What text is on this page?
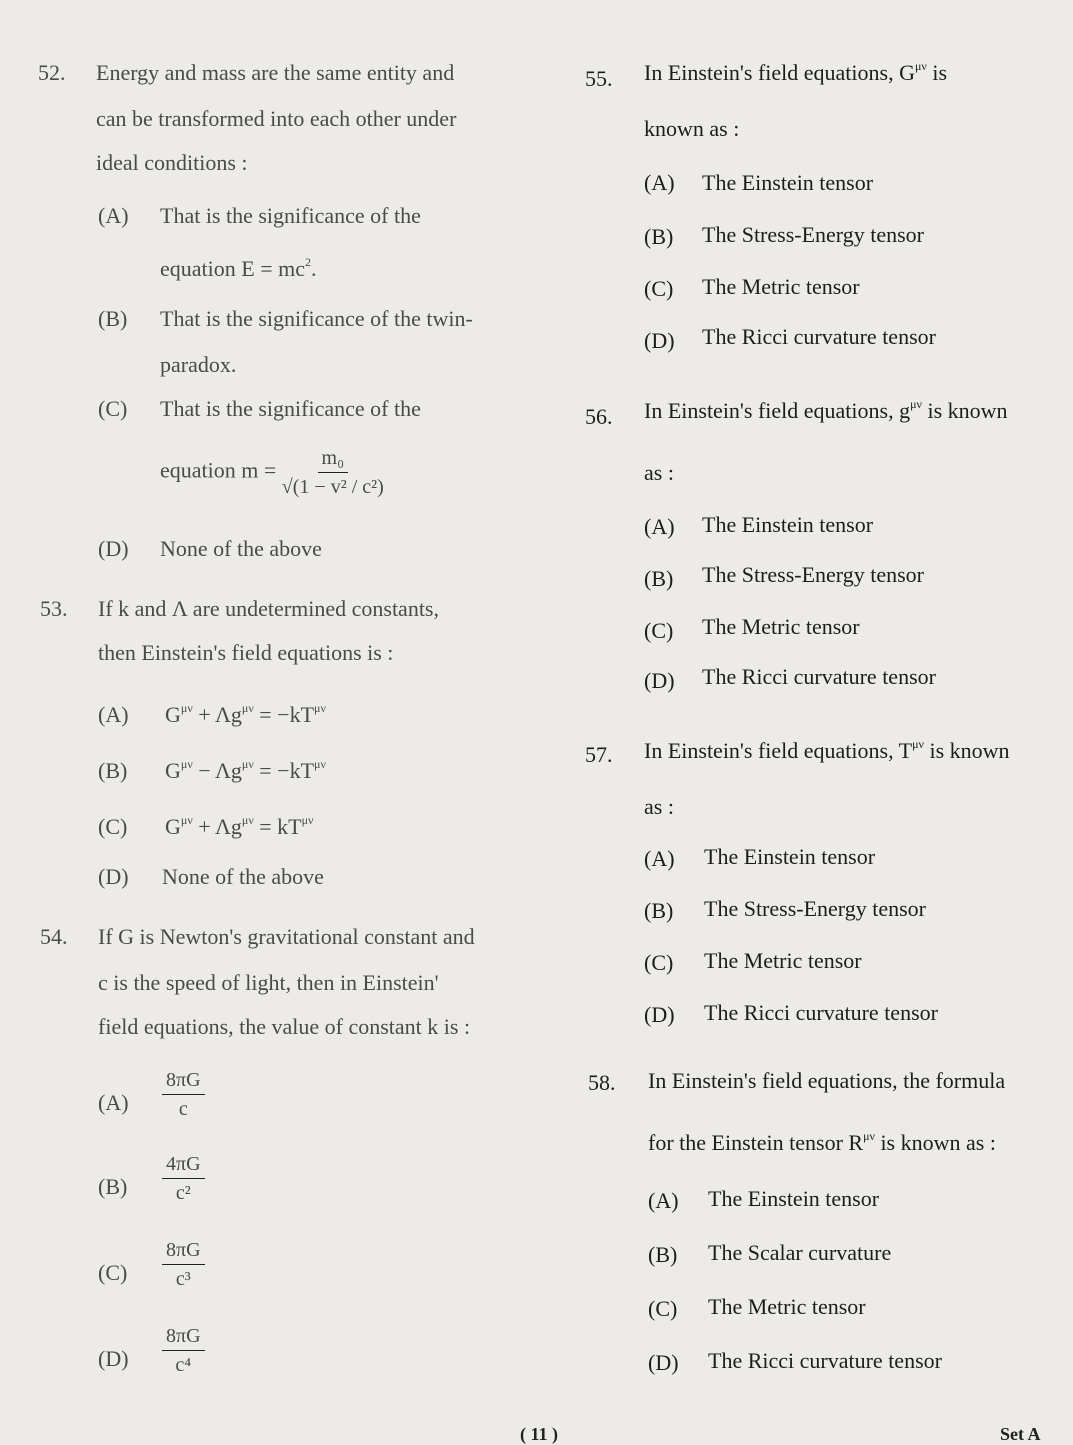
52. Energy and mass are the same entity and
can be transformed into each other under
ideal conditions :
(A) That is the significance of the
equation $E = mc^2$.
(B) That is the significance of the twin-
paradox.
(C) That is the significance of the
equation $m = \frac{\text{m₀}}{\text{√(1 − v² / c²)}}$
(D) None of the above
53. If k and Λ are undetermined constants,
then Einstein's field equations is :
(A) $G^{\mu\nu} + \Lambda g^{\mu\nu} = -kT^{\mu\nu}$
(B) $G^{\mu\nu} - \Lambda g^{\mu\nu} = -kT^{\mu\nu}$
(C) $G^{\mu\nu} + \Lambda g^{\mu\nu} = kT^{\mu\nu}$
(D) None of the above
54. If G is Newton's gravitational constant and
c is the speed of light, then in Einstein'
field equations, the value of constant k is :
$(A) \frac{8\pi G}{c}$
$(B) \frac{4\pi G}{\text{c²}}$
$(C) \frac{8\pi G}{\text{c³}}$
$(D) \frac{8\pi G}{\text{c⁴}}$
55. In Einstein's field equations, $G^{\mu\nu}$ is
known as :
(A) The Einstein tensor
(B) The Stress-Energy tensor
(C) The Metric tensor
(D) The Ricci curvature tensor
56. In Einstein's field equations, $g^{\mu\nu}$ is known
as :
(A) The Einstein tensor
(B) The Stress-Energy tensor
(C) The Metric tensor
(D) The Ricci curvature tensor
57. In Einstein's field equations, $T^{\mu\nu}$ is known
as :
(A) The Einstein tensor
(B) The Stress-Energy tensor
(C) The Metric tensor
(D) The Ricci curvature tensor
58. In Einstein's field equations, the formula
for the Einstein tensor $R^{\mu\nu}$ is known as :
(A) The Einstein tensor
(B) The Scalar curvature
(C) The Metric tensor
(D) The Ricci curvature tensor
( 11 )	Set A
